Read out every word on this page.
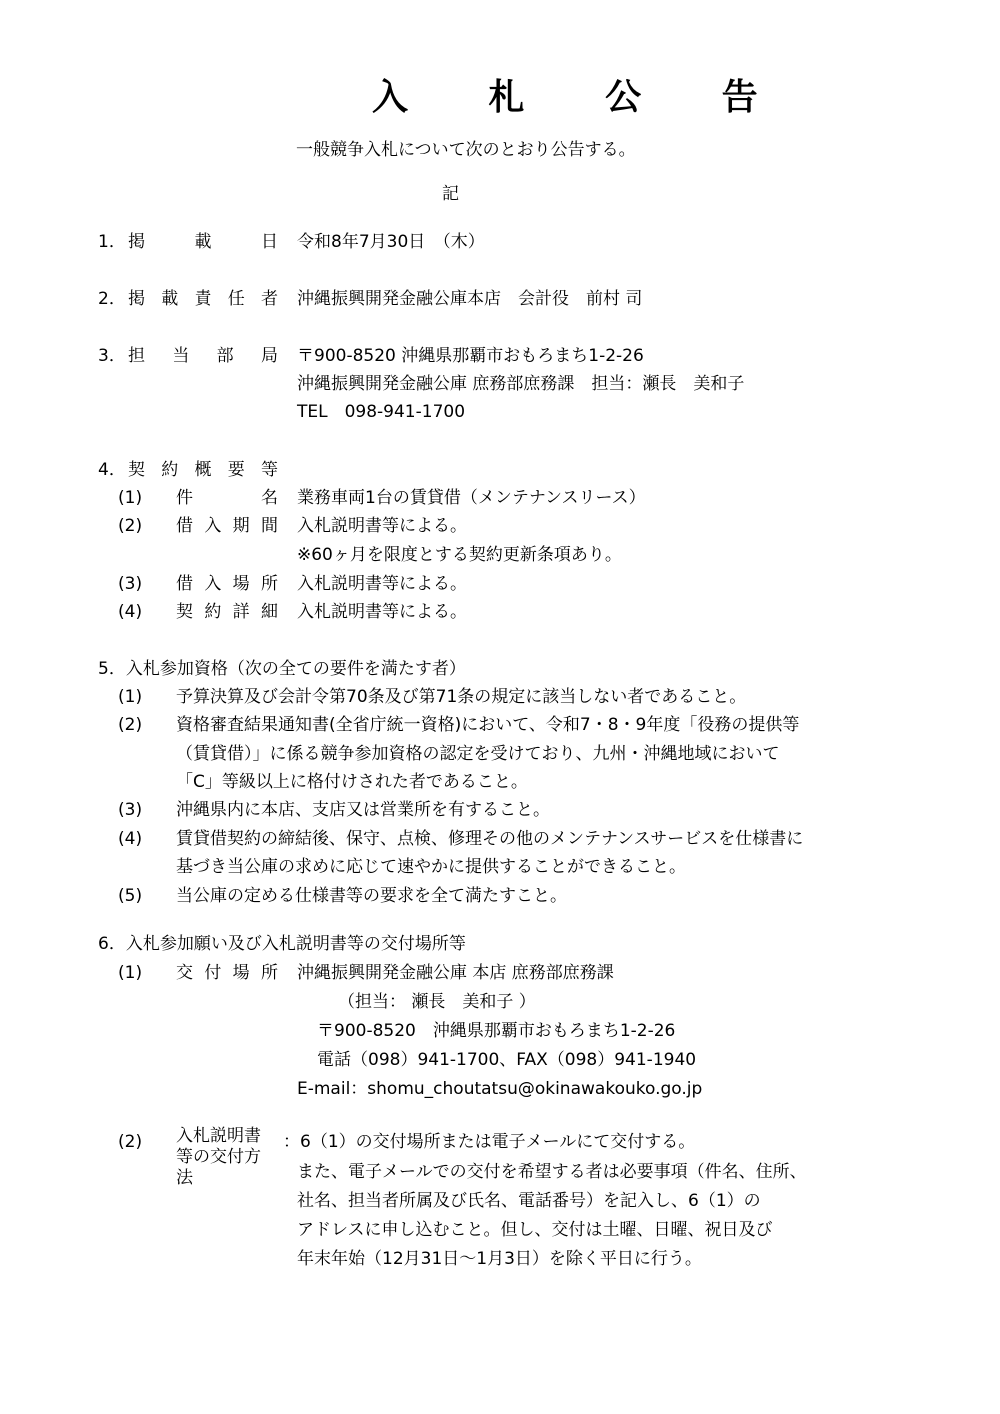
入 札 公 告
一般競争入札について次のとおり公告する。
記
1． 掲	載	日 令和8年7月30日　（木）
2． 掲 載 責 任 者 沖縄振興開発金融公庫本店　会計役　前村 司
3． 担 当 部 局 〒900-8520 沖縄県那覇市おもろまち1-2-26
沖縄振興開発金融公庫 庶務部庶務課　担当：瀬長　美和子
TEL　098-941-1700
4． 契 約 概 要 等
(1) 件	名 業務車両1台の賃貸借（メンテナンスリース）
(2) 借 入 期 間 入札説明書等による。
※60ヶ月を限度とする契約更新条項あり。
(3) 借 入 場 所 入札説明書等による。
(4) 契 約 詳 細 入札説明書等による。
5．入札参加資格（次の全ての要件を満たす者）
(1) 予算決算及び会計令第70条及び第71条の規定に該当しない者であること。
(2) 資格審査結果通知書(全省庁統一資格)において、令和7・8・9年度「役務の提供等
（賃貸借）」に係る競争参加資格の認定を受けており、九州・沖縄地域において
「C」等級以上に格付けされた者であること。
(3) 沖縄県内に本店、支店又は営業所を有すること。
(4) 賃貸借契約の締結後、保守、点検、修理その他のメンテナンスサービスを仕様書に
基づき当公庫の求めに応じて速やかに提供することができること。
(5) 当公庫の定める仕様書等の要求を全て満たすこと。
6．入札参加願い及び入札説明書等の交付場所等
(1) 交 付 場 所 沖縄振興開発金融公庫 本店 庶務部庶務課
（担当： 瀬長　美和子 ）
〒900-8520　沖縄県那覇市おもろまち1-2-26
電話（098）941-1700、FAX（098）941-1940
E-mail：shomu_choutatsu@okinawakouko.go.jp
(2) 入札説明書
等の交付方
法
：6（1）の交付場所または電子メールにて交付する。
また、電子メールでの交付を希望する者は必要事項（件名、住所、
社名、担当者所属及び氏名、電話番号）を記入し、6（1）の
アドレスに申し込むこと。但し、交付は土曜、日曜、祝日及び
年末年始（12月31日～1月3日）を除く平日に行う。
